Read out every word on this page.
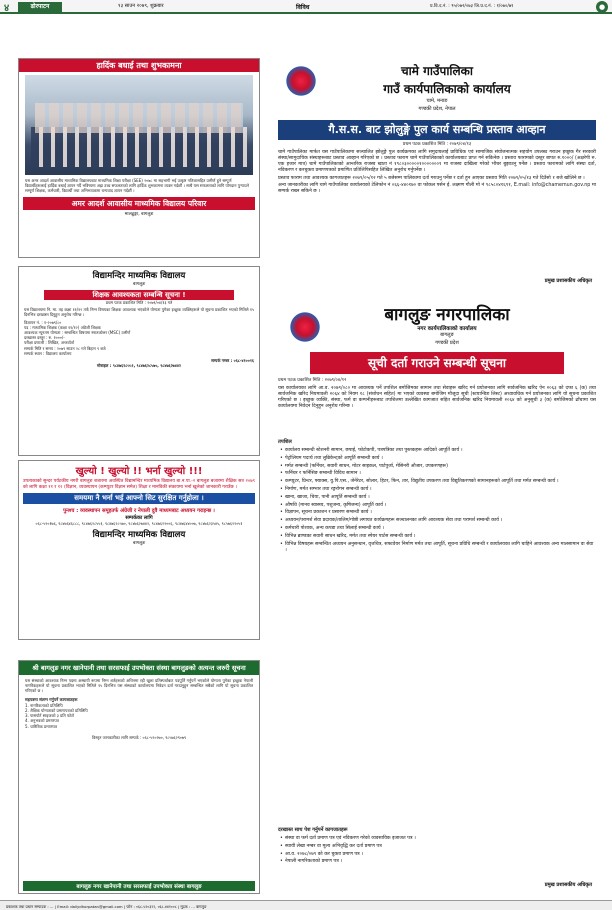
४	ढोरपाटन	१३ साउन २०७९, शुक्रबार	विविध	प्र.वि.द.नं. : ९५/०७२/०७३ जि.प्र.द.नं. : १/०७०/७१	●
हार्दिक बधाई तथा शुभकामना
यस अमर आदर्श आवासीय माध्यमिक विद्यालयबाट माध्यमिक शिक्षा परीक्षा (SEE) २०७८ मा सहभागी भई उत्कृष्ट नतिजासहित उत्तीर्ण हुने सम्पूर्ण विद्यार्थीहरूलाई हार्दिक बधाई ज्ञापन गर्दै भविष्यमा अझ उच्च सफलताको लागि हार्दिक शुभकामना व्यक्त गर्दछौं । साथै यस सफलताको लागि योगदान पुर्‍याउने सम्पूर्ण शिक्षक, कर्मचारी, विद्यार्थी तथा अभिभावकमा धन्यवाद ज्ञापन गर्दछौं ।
अमर आदर्श आवासीय माध्यमिक विद्यालय परिवार
मालढुङ्गा, बागलुङ
विद्यामन्दिर माध्यमिक विद्यालय
बागलुङ
शिक्षक आवश्यकता सम्बन्धि सूचना !
प्रथम पटक प्रकाशित मिति : २०७९/०४/१३ गते
यस विद्यालयमा नि. मा. तह कक्षा ११/१२ तर्फ निम्न विषयका शिक्षक आवश्यक भएकोले योग्यता पुगेका इच्छुक व्यक्तिहरूले यो सूचना प्रकाशित भएको मितिले १५ दिनभित्र दरखास्त दिनुहुन अनुरोध गरिन्छ ।
विज्ञापन नं. : १-२०७९/८०
पद : माध्यमिक शिक्षक (कक्षा ११/१२) अंग्रेजी शिक्षक
आवश्यक न्यूनतम योग्यता : सम्बन्धित विषयमा स्नातकोत्तर (MSC) उत्तीर्ण
दरखास्त दस्तुर : रु. १०००/-
परीक्षा प्रणाली : लिखित, अन्तर्वार्ता
सम्पर्क मिति र समय : २०७९ साउन २८ गते बिहान ९ बजे
सम्पर्क स्थान : विद्यालय कार्यालय
सम्पर्क नम्बर : ०६८-४१००१६
मोबाइल : ९८४७६२८५५१, ९८४७६२८५७०, ९८४७६२७४४२
खुल्यो ! खुल्यो !! भर्ना खुल्यो !!!
उपत्यकाको सुन्दर पर्यटकीय नगरी बागलुङ बजारमा अवस्थित विद्यामन्दिर माध्यमिक विद्यालय बा.न.पा.-२ बागलुङ बजारमा शैक्षिक सत्र २०७९ को लागि कक्षा ११ र १२ (विज्ञान, व्यवस्थापन (कम्प्युटर विज्ञान समेत) शिक्षा र मानविकी संकायमा भर्ना खुलेको जानकारी गराउँछ ।
समयमा नै भर्ना भई आफ्नो सिट सुरक्षित गर्नुहोला ।
पुनश्च : व्यवस्थापन समूहतर्फ अंग्रेजी र नेपाली दुवै माध्यमबाट अध्ययन गराइन्छ ।
सम्पर्कका लागि
०६८-५२०१७६, ९८४७६४६८८८, ९८४७६२८५५१, ९८४७६२८५७०, ९८४७६२७४४२, ९८४७६२२००६, ९८४७६४४००७, ९८४७६२३५४५, ९८५७६२२०५१
विद्यामन्दिर माध्यमिक विद्यालय
बागलुङ
श्री बागलुङ नगर खानेपानी तथा सरसफाई उपभोक्ता संस्था बागलुङको अत्यन्त जरुरी सूचना
यस संस्थाको आवश्यक निम्न पदमा अस्थायी रूपमा निम्न शर्तहरूको अधिनमा रही खुला प्रतिस्पर्धाबाट पदपूर्ति गर्नुपर्ने भएकोले योग्यता पुगेका इच्छुक नेपाली नागरिकहरूले यो सूचना प्रकाशित भएको मितिले १५ दिनभित्र यस संस्थाको कार्यालयमा निवेदन दर्ता गराउनुहुन सम्बन्धित सबैको लागि यो सूचना प्रकाशित गरिएको छ ।
सहपत्रमा संलग्न गर्नुपर्ने कागजातहरू
1. नागरिकताको प्रतिलिपि
2. शैक्षिक योग्यताको प्रमाणपत्रको प्रतिलिपि
3. पासपोर्ट साइजको ३ प्रति फोटो
4. अनुभवको प्रमाणपत्र
5. चारित्रिक प्रमाणपत्र
विस्तृत जानकारीका लागि सम्पर्क : ०६८-५२०२७०, ९८५७६२९०७९
बागलुङ नगर खानेपानी तथा सरसफाई उपभोक्ता संस्था बागलुङ
चामे गाउँपालिका
गाउँ कार्यपालिकाको कार्यालय
चामे, मनाङ
गण्डकी प्रदेश, नेपाल
गै.स.स. बाट झोलुङ्गे पुल कार्य सम्बन्धि प्रस्ताव आव्हान
प्रथम पटक प्रकाशित मिति : २०७९/०४/१३

चामे गाउँपालिका मार्फत यस गाउँपालिकामा सञ्चालित झोलुङ्गे पुल कार्यक्रमका लागि समुदायलाई प्राविधिक एवं सामाजिक संयोजनात्मक सहयोग उपलब्ध गराउन इच्छुक गैर सरकारी संस्था/सामुदायिक संस्थाहरूबाट प्रस्ताव आव्हान गरिएको छ । प्रस्ताव फाराम चामे गाउँपालिकाको कार्यालयबाट प्राप्त गर्न सकिनेछ । प्रस्ताव फारामको दस्तुर बापत रु.१०००/ (अक्षरेपी रु. एक हजार मात्र) चामे गाउँपालिकाको आन्तरिक राजस्व खाता नं १९८०३०००००१०००००००१ मा राजस्व दाखिला गरेको भौचर बुझाउनु पर्नेछ । प्रस्ताव फारामको लागि संस्था दर्ता, नविकरण र करचुक्ता प्रमाणपत्रको प्रमाणित प्रतिलिपिसहित लिखित अनुरोध गर्नुपर्नेछ ।

प्रस्ताव फाराम तथा आवश्यक कागजातहरू २०७९/०५/१२ गते ५ बजेसम्म पालिकामा दर्ता गराउनु पर्नेछ र दर्ता हुन आएका प्रस्ताव मिति २०७९/०५/१३ गते दिउँसो १ बजे खोलिने छ ।

अन्य जानकारीका लागि चामे गाउँपालिका कार्यालयको टेलिफोन नं ०६६-४४०१७० वा फोकल पर्सन ई. लक्ष्मण गौली मो नं ९८५८०४१६९१, E.mail: info@chamemun.gov.np मा सम्पर्क राख्न सकिने छ ।

प्रमुख प्रशासकीय अधिकृत
बागलुङ नगरपालिका
नगर कार्यपालिकाको कार्यालय
बागलुङ
गण्डकी प्रदेश
सूची दर्ता गराउने सम्बन्धी सूचना
प्रथम पटक प्रकाशित मिति : २०७९/०४/१२
यस कार्यालयका लागि आ.व. २०७९/०८० मा आवश्यक पर्ने तपशिल बमोजिमका सामान तथा सेवाहरू खरिद गर्न प्रयोजनका लागि सार्वजनिक खरिद ऐन २०६३ को दफा ६ (क) तथा सार्वजनिक खरिद नियमावली २०६४ को नियम १८ (संशोधन सहित) मा भएको व्यवस्था बमोजिम मौजूदा सूची (स्टयान्डिङ लिस्ट) अध्यावधिक गर्न प्रयोजनका लागि यो सूचना प्रकाशित गरिएको छ । इच्छुक व्यक्ति, संस्था, फर्म वा कम्पनीहरूबाट तपशिलमा उल्लेखित कागजात सहित सार्वजनिक खरिद नियमावली २०६४ को अनुसूची ३ (क) बमोजिमको ढाँचामा यस कार्यालयमा निवेदन दिनुहुन अनुरोध गरिन्छ ।
तपशिल
• कार्यालय सम्बन्धी स्टेशनरी सामान, छपाई, फोटोकपी, पत्रपत्रिका तथा पुस्तकहरू आदिको आपूर्ति कार्य ।
• पेट्रोलियम पदार्थ तथा लुब्रिकेन्ट्को आपूर्ति सम्बन्धी कार्य ।
• मर्मत सम्बन्धी (फर्निचर, सवारी साधन, मोटर साइकल, पार्टपुर्जा, मेसिनरी औजार, उपकरणहरू)
• फर्निचर र फर्निसिङ सम्बन्धी विविध सामान ।
• कम्प्युटर, प्रिन्टर, फ्याक्स, यु.पि.एस., जेनेरेटर, सोलार, हिटर, फिन, तार, विद्युतीय उपकरण तथा विद्युतिकरणको सामानहरूको आपूर्ति तथा मर्मत सम्बन्धी कार्य ।
• निर्माण, मर्मत सम्भार तथा रङ्गरोगन सम्बन्धी कार्य ।
• खाना, खाजा, चिया, पानी आपूर्ति सम्बन्धी कार्य ।
• औषधि (मानव स्वास्थ्य, पशुजन्य, कृषिजन्य) आपूर्ति कार्य ।
• विज्ञापन, सूचना प्रकाशन र प्रसारण सम्बन्धी कार्य ।
• अध्ययन/परामर्श सेवा प्रदायक/तालिम/गोष्ठी लगायत कार्यक्रमहरू सञ्चालनका लागि आवश्यक सेवा तथा परामर्श सम्बन्धी कार्य ।
• कर्मचारी पोशाक, अन्य कपडा तथा सिलाई सम्बन्धी कार्य ।
• विभिन्न ब्राण्डका सवारी साधन खरिद, मर्मत तथा स्पेयर पार्टस सम्बन्धी कार्य ।
• विभिन्न विषयहरू सम्बन्धित अध्ययन अनुसन्धान, वृत्तचित्र, सफ्टवेयर निर्माण मर्मत तथा आपूर्ति, सूचना प्रविधि सम्बन्धी र कार्यालयका लागि चाहिने आवश्यक अन्य मालसामान वा सेवा ।
दरखास्त साथ पेश गर्नुपर्ने कागजातहरू
• संस्था वा फर्म दर्ता प्रमाण पत्र एवं नविकरण गरेको व्यवसायिक इजाजत पत्र ।
• स्थायी लेखा नम्बर वा मूल्य अभिवृद्धि कर दर्ता प्रमाण पत्र
• आ.व. २०७८/०७९ को कर चुक्ता प्रमाण पत्र ।
• नेपाली नागरिकताको प्रमाण पत्र ।
प्रमुख प्रशासकीय अधिकृत
प्रकाशक तथा प्रधान सम्पादक : ... | Email: dailydhorpatan@gmail.com | फोन : ०६८-५२०३२२, ०६८-४४१००८ | मुद्रक : ... बागलुङ
